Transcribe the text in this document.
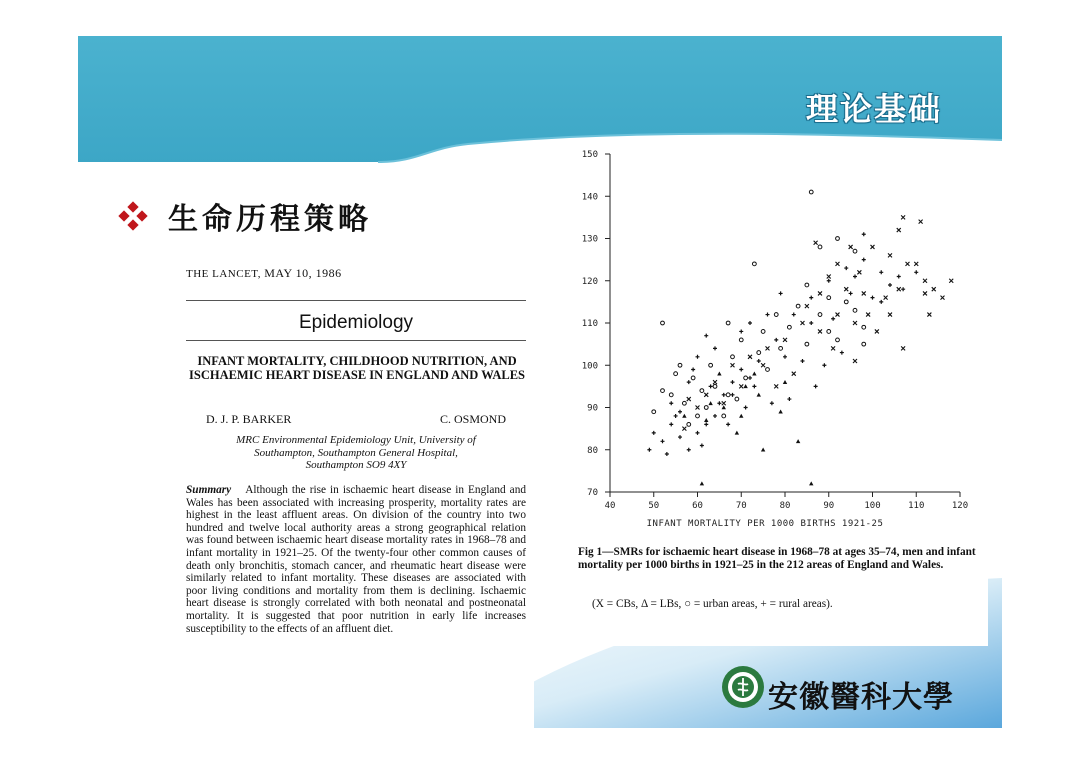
理论基础
生命历程策略
THE LANCET, MAY 10, 1986
Epidemiology
INFANT MORTALITY, CHILDHOOD NUTRITION, AND ISCHAEMIC HEART DISEASE IN ENGLAND AND WALES
D. J. P. BARKER	C. OSMOND
MRC Environmental Epidemiology Unit, University of
Southampton, Southampton General Hospital,
Southampton SO9 4XY
Summary Although the rise in ischaemic heart disease in England and Wales has been associated with increasing prosperity, mortality rates are highest in the least affluent areas. On division of the country into two hundred and twelve local authority areas a strong geographical relation was found between ischaemic heart disease mortality rates in 1968–78 and infant mortality in 1921–25. Of the twenty-four other common causes of death only bronchitis, stomach cancer, and rheumatic heart disease were similarly related to infant mortality. These diseases are associated with poor living conditions and mortality from them is declining. Ischaemic heart disease is strongly correlated with both neonatal and postneonatal mortality. It is suggested that poor nutrition in early life increases susceptibility to the effects of an affluent diet.
70
80
90
100
110
120
130
140
150
40	50	60	70	80	90	100	110	120
INFANT MORTALITY PER 1000 BIRTHS 1921-25
Fig 1—SMRs for ischaemic heart disease in 1968–78 at ages 35–74, men and infant mortality per 1000 births in 1921–25 in the 212 areas of England and Wales.
(X = CBs, Δ = LBs, ○ = urban areas, + = rural areas).
安徽醫科大學
